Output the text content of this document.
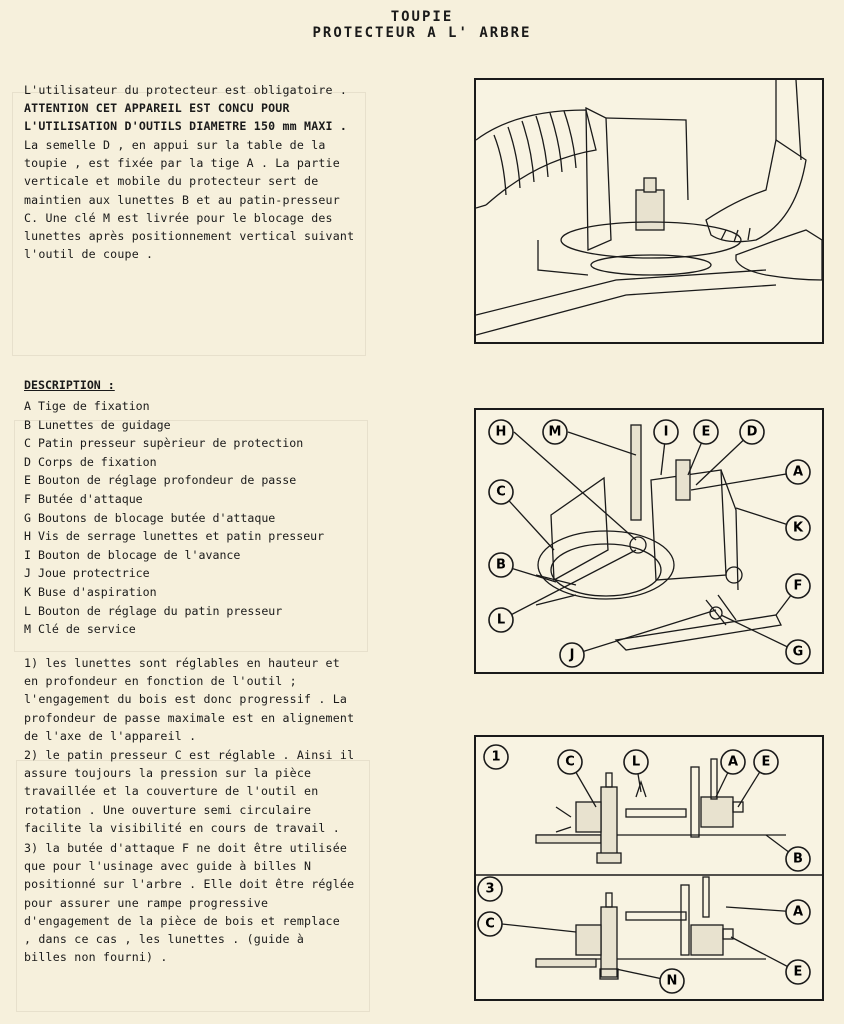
TOUPIE
PROTECTEUR A L' ARBRE
L'utilisateur du protecteur est obligatoire .
ATTENTION CET APPAREIL EST CONCU POUR
L'UTILISATION D'OUTILS DIAMETRE 150 mm MAXI .
La semelle D , en appui sur la table de la
toupie , est fixée par la tige A . La partie
verticale et mobile du protecteur sert de
maintien aux lunettes B et au patin-presseur
C. Une clé M est livrée pour le blocage des
lunettes après positionnement vertical suivant
l'outil de coupe .
DESCRIPTION :
A Tige de fixation
B Lunettes de guidage
C Patin presseur supèrieur de protection
D Corps de fixation
E Bouton de réglage profondeur de passe
F Butée d'attaque
G Boutons de blocage butée d'attaque
H Vis de serrage lunettes et patin presseur
I Bouton de blocage de l'avance
J Joue protectrice
K Buse d'aspiration
L Bouton de réglage du patin presseur
M Clé de service
1) les lunettes sont réglables en hauteur et
en profondeur en fonction de l'outil ;
l'engagement du bois est donc progressif . La
profondeur de passe maximale est en alignement
de l'axe de l'appareil .
2) le patin presseur C est réglable . Ainsi il
assure toujours la pression sur la pièce
travaillée et la couverture de l'outil en
rotation . Une ouverture semi circulaire
facilite la visibilité en cours de travail .
3) la butée d'attaque F ne doit être utilisée
que pour l'usinage avec guide à billes N
positionné sur l'arbre . Elle doit être réglée
pour assurer une rampe progressive
d'engagement de la pièce de bois et remplace
, dans ce cas , les lunettes . (guide à
billes non fourni) .
H	M	I	E	D
A
C
K
B
F
L
J	G
1	C	L	A E
B
3
C
A
N
E
